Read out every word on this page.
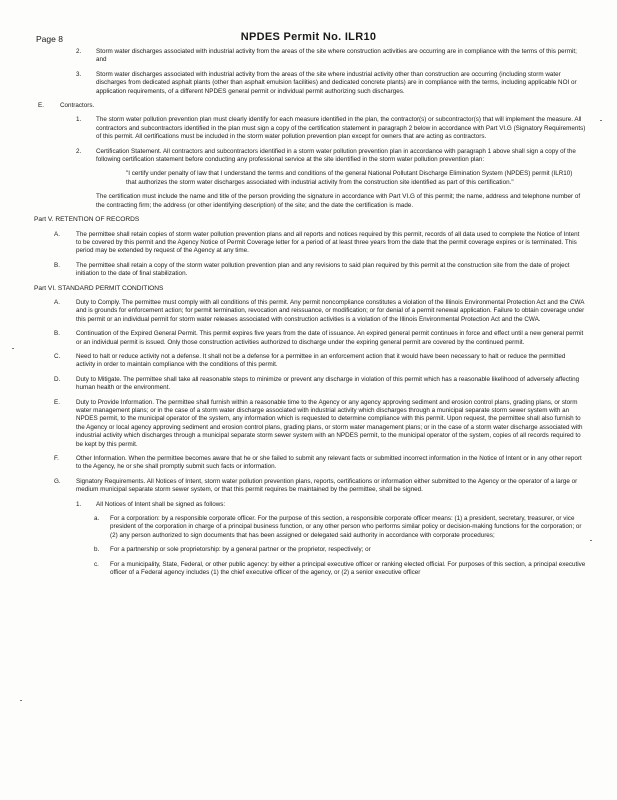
Page 8	NPDES Permit No. ILR10
2.	Storm water discharges associated with industrial activity from the areas of the site where construction activities are occurring are in compliance with the terms of this permit; and
3.	Storm water discharges associated with industrial activity from the areas of the site where industrial activity other than construction are occurring (including storm water discharges from dedicated asphalt plants (other than asphalt emulsion facilities) and dedicated concrete plants) are in compliance with the terms, including applicable NOI or application requirements, of a different NPDES general permit or individual permit authorizing such discharges.
E.	Contractors.
1.	The storm water pollution prevention plan must clearly identify for each measure identified in the plan, the contractor(s) or subcontractor(s) that will implement the measure. All contractors and subcontractors identified in the plan must sign a copy of the certification statement in paragraph 2 below in accordance with Part VI.G (Signatory Requirements) of this permit. All certifications must be included in the storm water pollution prevention plan except for owners that are acting as contractors.
2.	Certification Statement. All contractors and subcontractors identified in a storm water pollution prevention plan in accordance with paragraph 1 above shall sign a copy of the following certification statement before conducting any professional service at the site identified in the storm water pollution prevention plan:
"I certify under penalty of law that I understand the terms and conditions of the general National Pollutant Discharge Elimination System (NPDES) permit (ILR10) that authorizes the storm water discharges associated with industrial activity from the construction site identified as part of this certification."
The certification must include the name and title of the person providing the signature in accordance with Part VI.G of this permit; the name, address and telephone number of the contracting firm; the address (or other identifying description) of the site; and the date the certification is made.
Part V. RETENTION OF RECORDS
A.	The permittee shall retain copies of storm water pollution prevention plans and all reports and notices required by this permit, records of all data used to complete the Notice of Intent to be covered by this permit and the Agency Notice of Permit Coverage letter for a period of at least three years from the date that the permit coverage expires or is terminated. This period may be extended by request of the Agency at any time.
B.	The permittee shall retain a copy of the storm water pollution prevention plan and any revisions to said plan required by this permit at the construction site from the date of project initiation to the date of final stabilization.
Part VI. STANDARD PERMIT CONDITIONS
A.	Duty to Comply. The permittee must comply with all conditions of this permit. Any permit noncompliance constitutes a violation of the Illinois Environmental Protection Act and the CWA and is grounds for enforcement action; for permit termination, revocation and reissuance, or modification; or for denial of a permit renewal application. Failure to obtain coverage under this permit or an individual permit for storm water releases associated with construction activities is a violation of the Illinois Environmental Protection Act and the CWA.
B.	Continuation of the Expired General Permit. This permit expires five years from the date of issuance. An expired general permit continues in force and effect until a new general permit or an individual permit is issued. Only those construction activities authorized to discharge under the expiring general permit are covered by the continued permit.
C.	Need to halt or reduce activity not a defense. It shall not be a defense for a permittee in an enforcement action that it would have been necessary to halt or reduce the permitted activity in order to maintain compliance with the conditions of this permit.
D.	Duty to Mitigate. The permittee shall take all reasonable steps to minimize or prevent any discharge in violation of this permit which has a reasonable likelihood of adversely affecting human health or the environment.
E.	Duty to Provide Information. The permittee shall furnish within a reasonable time to the Agency or any agency approving sediment and erosion control plans, grading plans, or storm water management plans; or in the case of a storm water discharge associated with industrial activity which discharges through a municipal separate storm sewer system with an NPDES permit, to the municipal operator of the system, any information which is requested to determine compliance with this permit. Upon request, the permittee shall also furnish to the Agency or local agency approving sediment and erosion control plans, grading plans, or storm water management plans; or in the case of a storm water discharge associated with industrial activity which discharges through a municipal separate storm sewer system with an NPDES permit, to the municipal operator of the system, copies of all records required to be kept by this permit.
F.	Other Information. When the permittee becomes aware that he or she failed to submit any relevant facts or submitted incorrect information in the Notice of Intent or in any other report to the Agency, he or she shall promptly submit such facts or information.
G.	Signatory Requirements. All Notices of Intent, storm water pollution prevention plans, reports, certifications or information either submitted to the Agency or the operator of a large or medium municipal separate storm sewer system, or that this permit requires be maintained by the permittee, shall be signed.
1.	All Notices of Intent shall be signed as follows:
a.	For a corporation: by a responsible corporate officer. For the purpose of this section, a responsible corporate officer means: (1) a president, secretary, treasurer, or vice president of the corporation in charge of a principal business function, or any other person who performs similar policy or decision-making functions for the corporation; or (2) any person authorized to sign documents that has been assigned or delegated said authority in accordance with corporate procedures;
b.	For a partnership or sole proprietorship: by a general partner or the proprietor, respectively; or
c.	For a municipality, State, Federal, or other public agency: by either a principal executive officer or ranking elected official. For purposes of this section, a principal executive officer of a Federal agency includes (1) the chief executive officer of the agency, or (2) a senior executive officer
